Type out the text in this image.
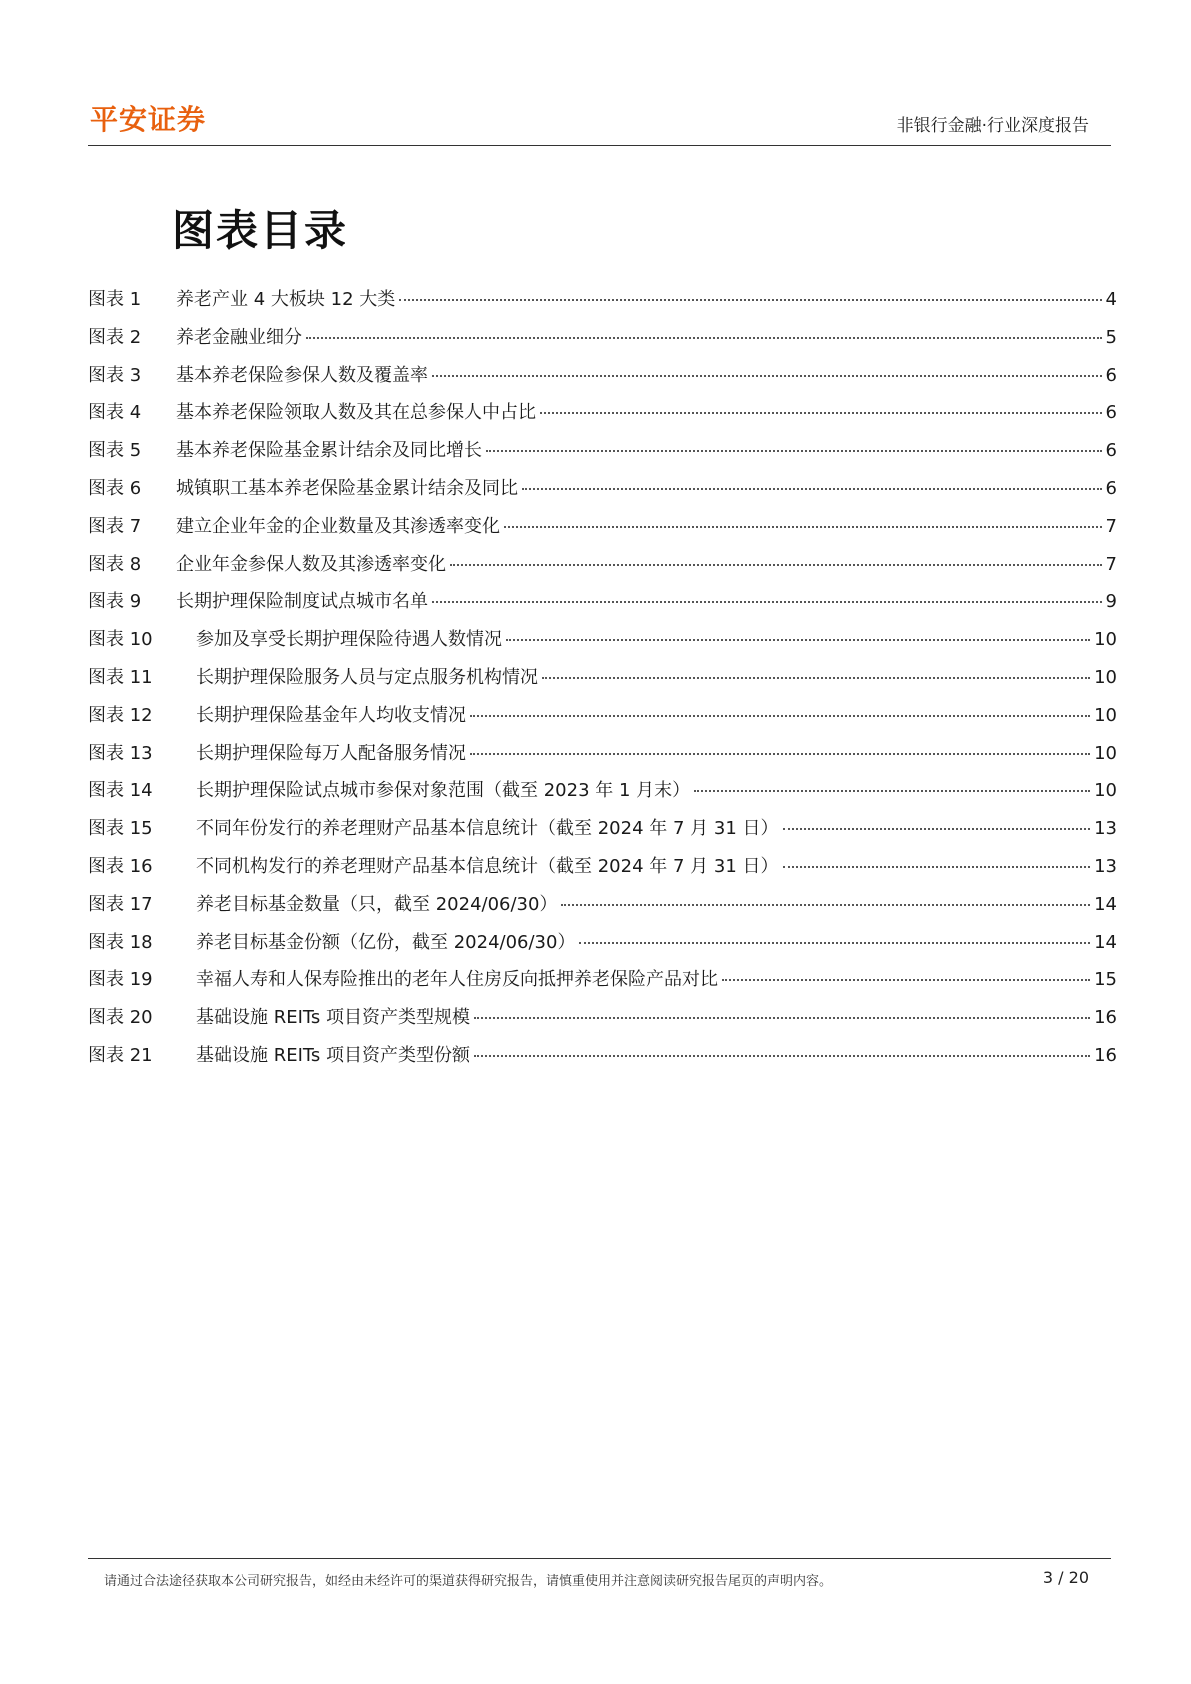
平安证券	非银行金融·行业深度报告
图表目录
图表 1	养老产业 4 大板块 12 大类	4
图表 2	养老金融业细分	5
图表 3	基本养老保险参保人数及覆盖率	6
图表 4	基本养老保险领取人数及其在总参保人中占比	6
图表 5	基本养老保险基金累计结余及同比增长	6
图表 6	城镇职工基本养老保险基金累计结余及同比	6
图表 7	建立企业年金的企业数量及其渗透率变化	7
图表 8	企业年金参保人数及其渗透率变化	7
图表 9	长期护理保险制度试点城市名单	9
图表 10	参加及享受长期护理保险待遇人数情况	10
图表 11	长期护理保险服务人员与定点服务机构情况	10
图表 12	长期护理保险基金年人均收支情况	10
图表 13	长期护理保险每万人配备服务情况	10
图表 14	长期护理保险试点城市参保对象范围（截至 2023 年 1 月末）	10
图表 15	不同年份发行的养老理财产品基本信息统计（截至 2024 年 7 月 31 日）	13
图表 16	不同机构发行的养老理财产品基本信息统计（截至 2024 年 7 月 31 日）	13
图表 17	养老目标基金数量（只，截至 2024/06/30）	14
图表 18	养老目标基金份额（亿份，截至 2024/06/30）	14
图表 19	幸福人寿和人保寿险推出的老年人住房反向抵押养老保险产品对比	15
图表 20	基础设施 REITs 项目资产类型规模	16
图表 21	基础设施 REITs 项目资产类型份额	16
请通过合法途径获取本公司研究报告，如经由未经许可的渠道获得研究报告，请慎重使用并注意阅读研究报告尾页的声明内容。	3 / 20
